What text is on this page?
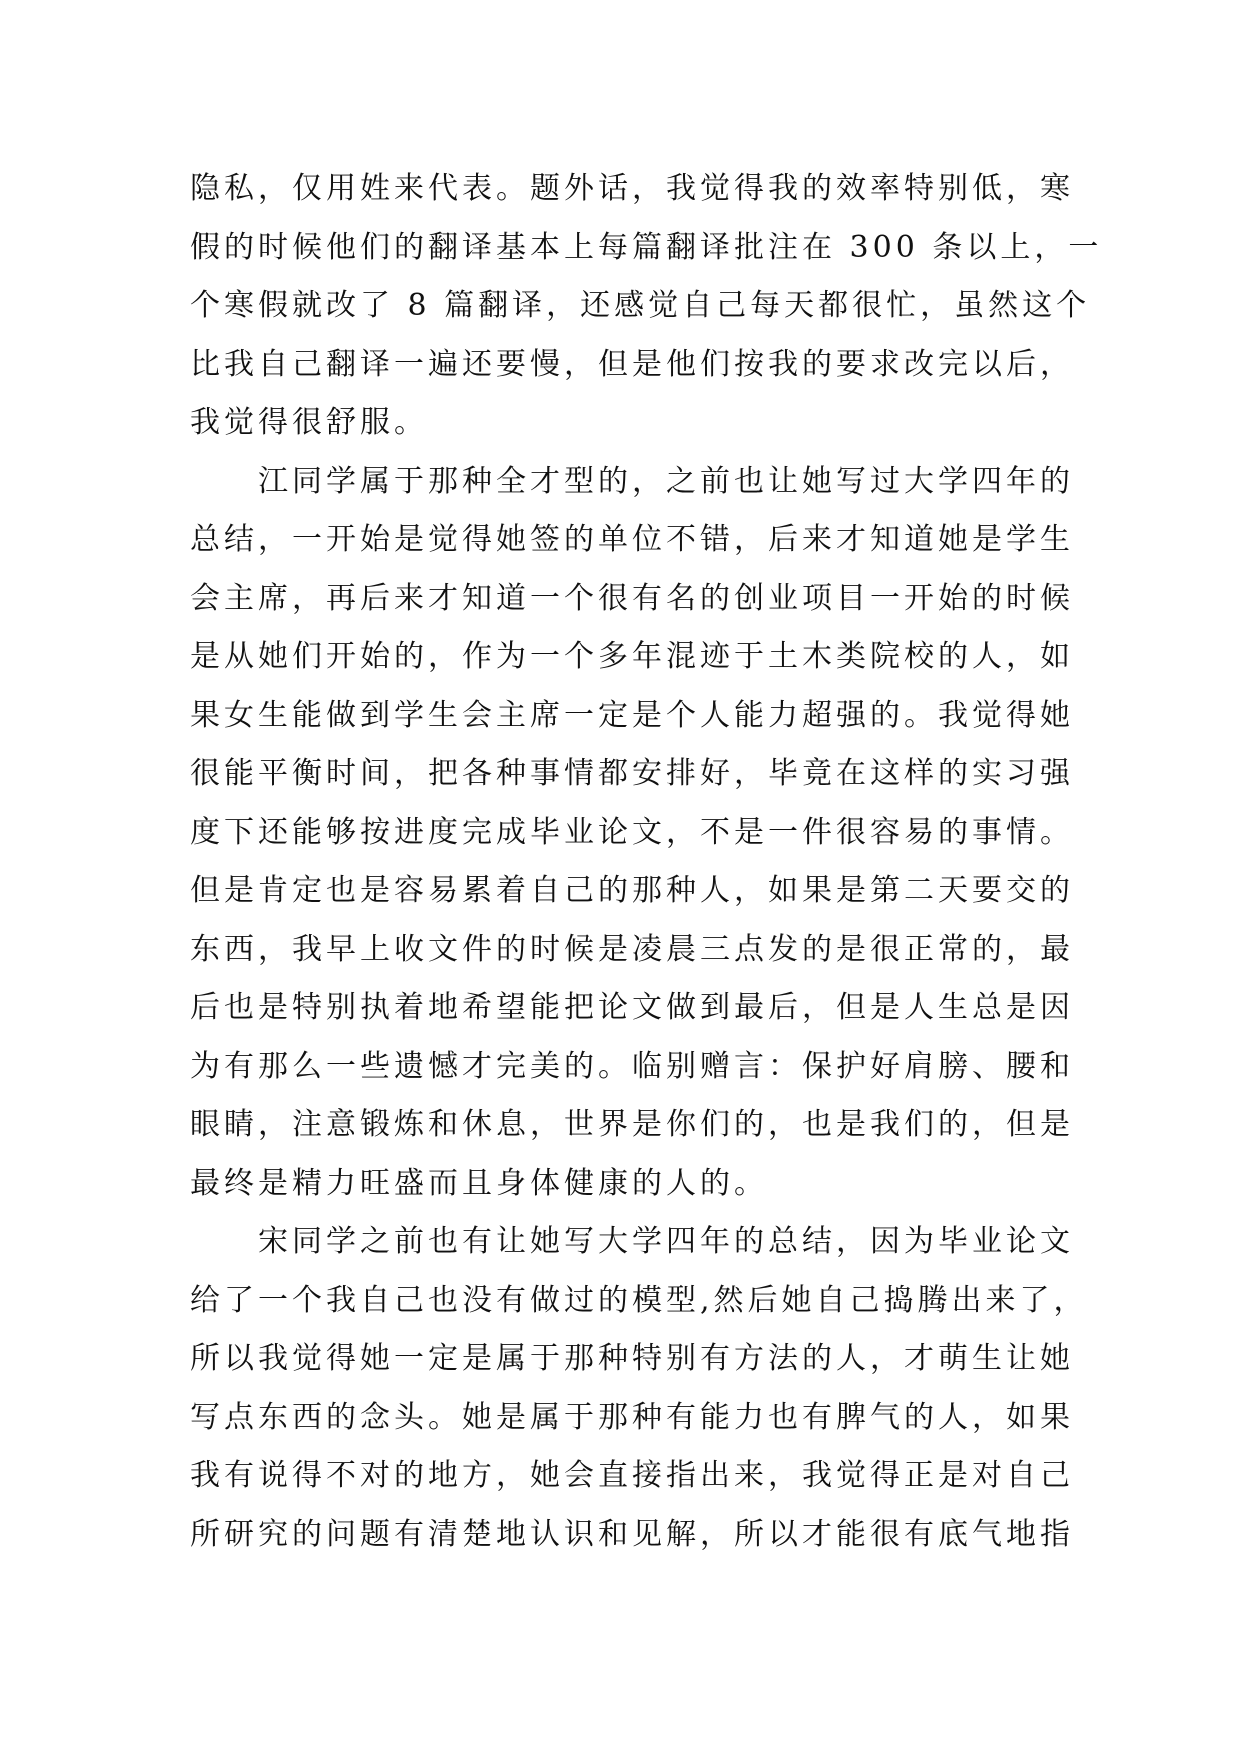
隐私，仅用姓来代表。题外话，我觉得我的效率特别低，寒
假的时候他们的翻译基本上每篇翻译批注在 300 条以上，一
个寒假就改了 8 篇翻译，还感觉自己每天都很忙，虽然这个
比我自己翻译一遍还要慢，但是他们按我的要求改完以后，
我觉得很舒服。

江同学属于那种全才型的，之前也让她写过大学四年的
总结，一开始是觉得她签的单位不错，后来才知道她是学生
会主席，再后来才知道一个很有名的创业项目一开始的时候
是从她们开始的，作为一个多年混迹于土木类院校的人，如
果女生能做到学生会主席一定是个人能力超强的。我觉得她
很能平衡时间，把各种事情都安排好，毕竟在这样的实习强
度下还能够按进度完成毕业论文，不是一件很容易的事情。
但是肯定也是容易累着自己的那种人，如果是第二天要交的
东西，我早上收文件的时候是凌晨三点发的是很正常的，最
后也是特别执着地希望能把论文做到最后，但是人生总是因
为有那么一些遗憾才完美的。临别赠言：保护好肩膀、腰和
眼睛，注意锻炼和休息，世界是你们的，也是我们的，但是
最终是精力旺盛而且身体健康的人的。

宋同学之前也有让她写大学四年的总结，因为毕业论文
给了一个我自己也没有做过的模型,然后她自己捣腾出来了，
所以我觉得她一定是属于那种特别有方法的人，才萌生让她
写点东西的念头。她是属于那种有能力也有脾气的人，如果
我有说得不对的地方，她会直接指出来，我觉得正是对自己
所研究的问题有清楚地认识和见解，所以才能很有底气地指
